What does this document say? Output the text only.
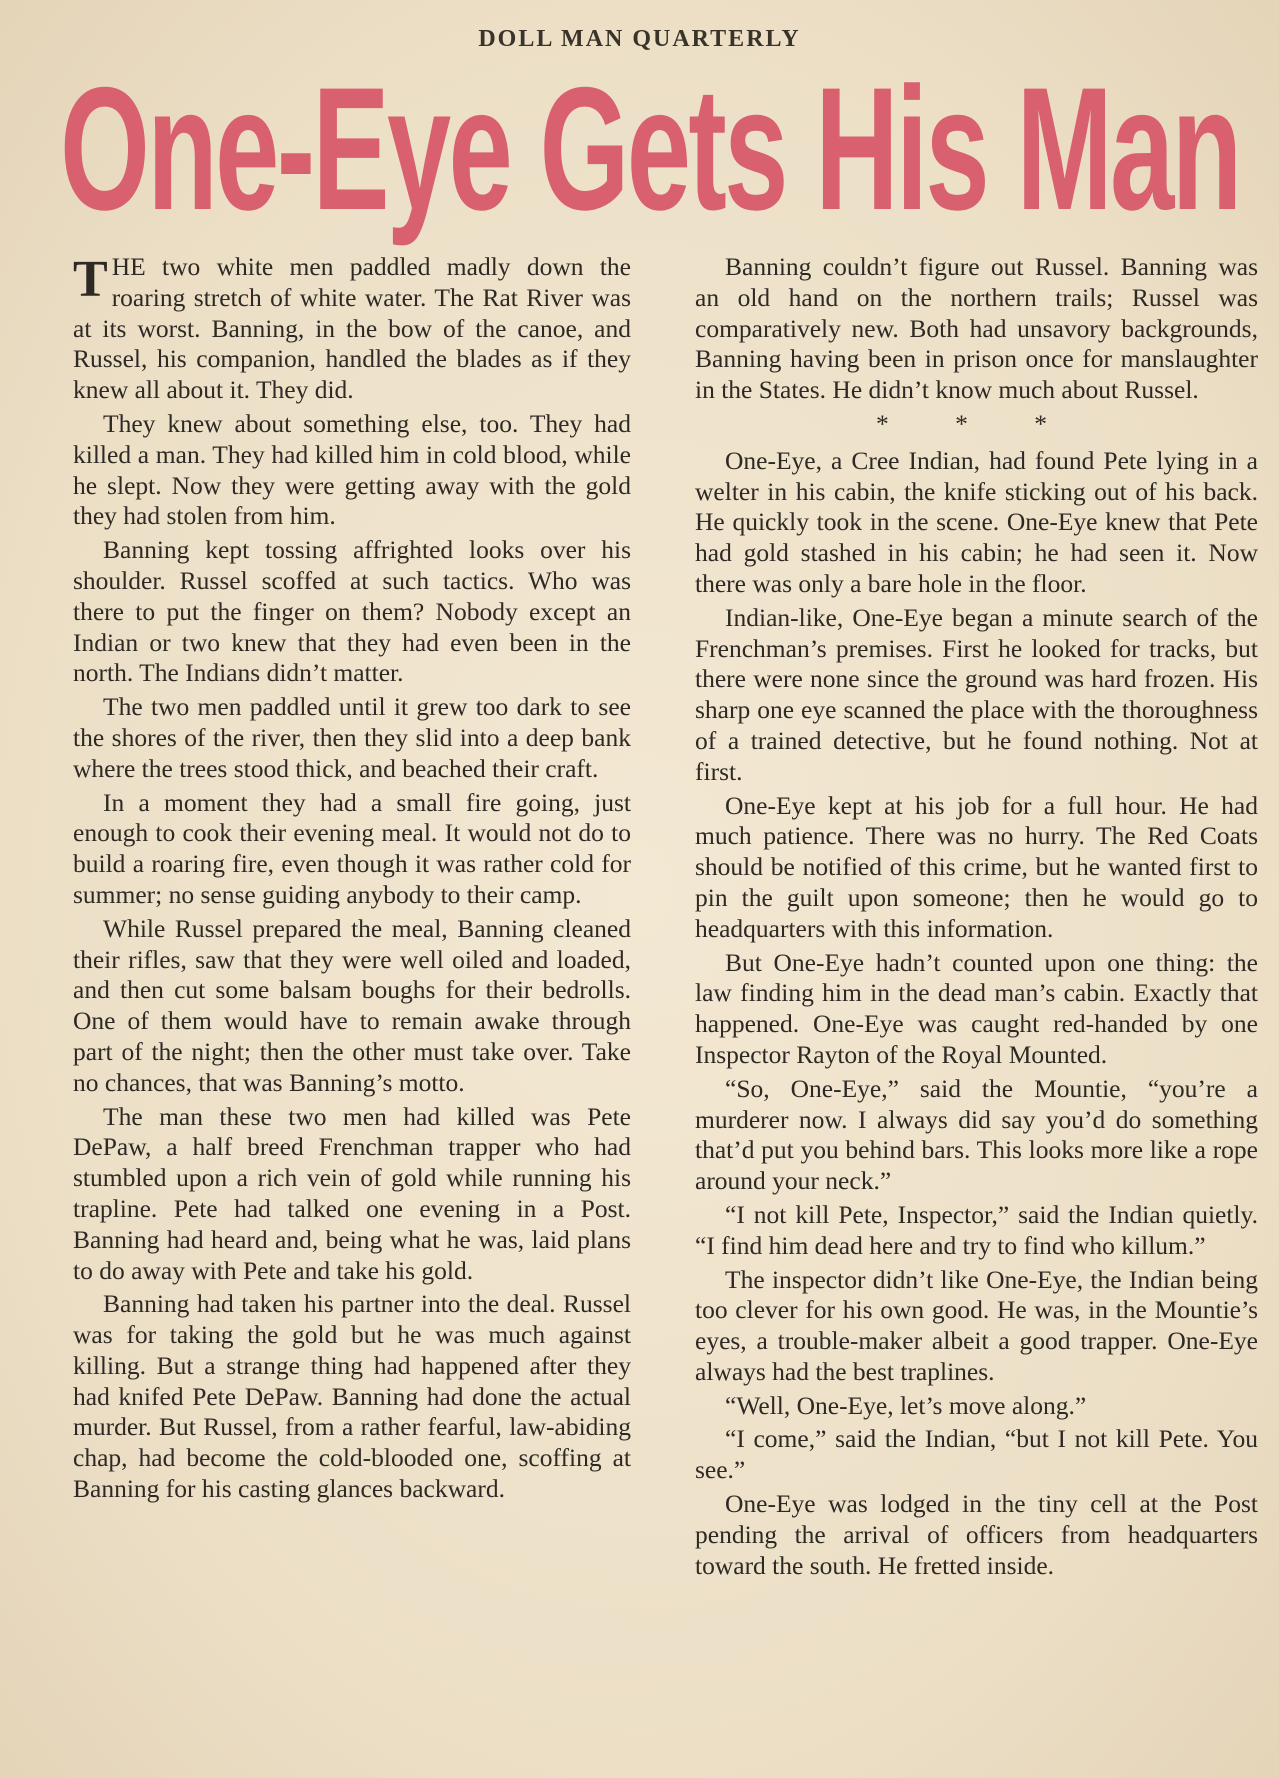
DOLL MAN QUARTERLY
One-Eye Gets His Man

THE two white men paddled madly down the roaring stretch of white water. The Rat River was at its worst. Banning, in the bow of the canoe, and Russel, his companion, handled the blades as if they knew all about it. They did.

They knew about something else, too. They had killed a man. They had killed him in cold blood, while he slept. Now they were getting away with the gold they had stolen from him.

Banning kept tossing affrighted looks over his shoulder. Russel scoffed at such tactics. Who was there to put the finger on them? Nobody except an Indian or two knew that they had even been in the north. The Indians didn’t matter.

The two men paddled until it grew too dark to see the shores of the river, then they slid into a deep bank where the trees stood thick, and beached their craft.

In a moment they had a small fire going, just enough to cook their evening meal. It would not do to build a roaring fire, even though it was rather cold for summer; no sense guiding anybody to their camp.

While Russel prepared the meal, Banning cleaned their rifles, saw that they were well oiled and loaded, and then cut some balsam boughs for their bedrolls. One of them would have to remain awake through part of the night; then the other must take over. Take no chances, that was Banning’s motto.

The man these two men had killed was Pete DePaw, a half breed Frenchman trapper who had stumbled upon a rich vein of gold while running his trapline. Pete had talked one evening in a Post. Banning had heard and, being what he was, laid plans to do away with Pete and take his gold.

Banning had taken his partner into the deal. Russel was for taking the gold but he was much against killing. But a strange thing had happened after they had knifed Pete DePaw. Banning had done the actual murder. But Russel, from a rather fearful, law-abiding chap, had become the cold-blooded one, scoffing at Banning for his casting glances backward.

Banning couldn’t figure out Russel. Banning was an old hand on the northern trails; Russel was comparatively new. Both had unsavory backgrounds, Banning having been in prison once for manslaughter in the States. He didn’t know much about Russel.

* * *

One-Eye, a Cree Indian, had found Pete lying in a welter in his cabin, the knife sticking out of his back. He quickly took in the scene. One-Eye knew that Pete had gold stashed in his cabin; he had seen it. Now there was only a bare hole in the floor.

Indian-like, One-Eye began a minute search of the Frenchman’s premises. First he looked for tracks, but there were none since the ground was hard frozen. His sharp one eye scanned the place with the thoroughness of a trained detective, but he found nothing. Not at first.

One-Eye kept at his job for a full hour. He had much patience. There was no hurry. The Red Coats should be notified of this crime, but he wanted first to pin the guilt upon someone; then he would go to headquarters with this information.

But One-Eye hadn’t counted upon one thing: the law finding him in the dead man’s cabin. Exactly that happened. One-Eye was caught red-handed by one Inspector Rayton of the Royal Mounted.

“So, One-Eye,” said the Mountie, “you’re a murderer now. I always did say you’d do something that’d put you behind bars. This looks more like a rope around your neck.”

“I not kill Pete, Inspector,” said the Indian quietly. “I find him dead here and try to find who killum.”

The inspector didn’t like One-Eye, the Indian being too clever for his own good. He was, in the Mountie’s eyes, a trouble-maker albeit a good trapper. One-Eye always had the best traplines.

“Well, One-Eye, let’s move along.”

“I come,” said the Indian, “but I not kill Pete. You see.”

One-Eye was lodged in the tiny cell at the Post pending the arrival of officers from headquarters toward the south. He fretted inside.
